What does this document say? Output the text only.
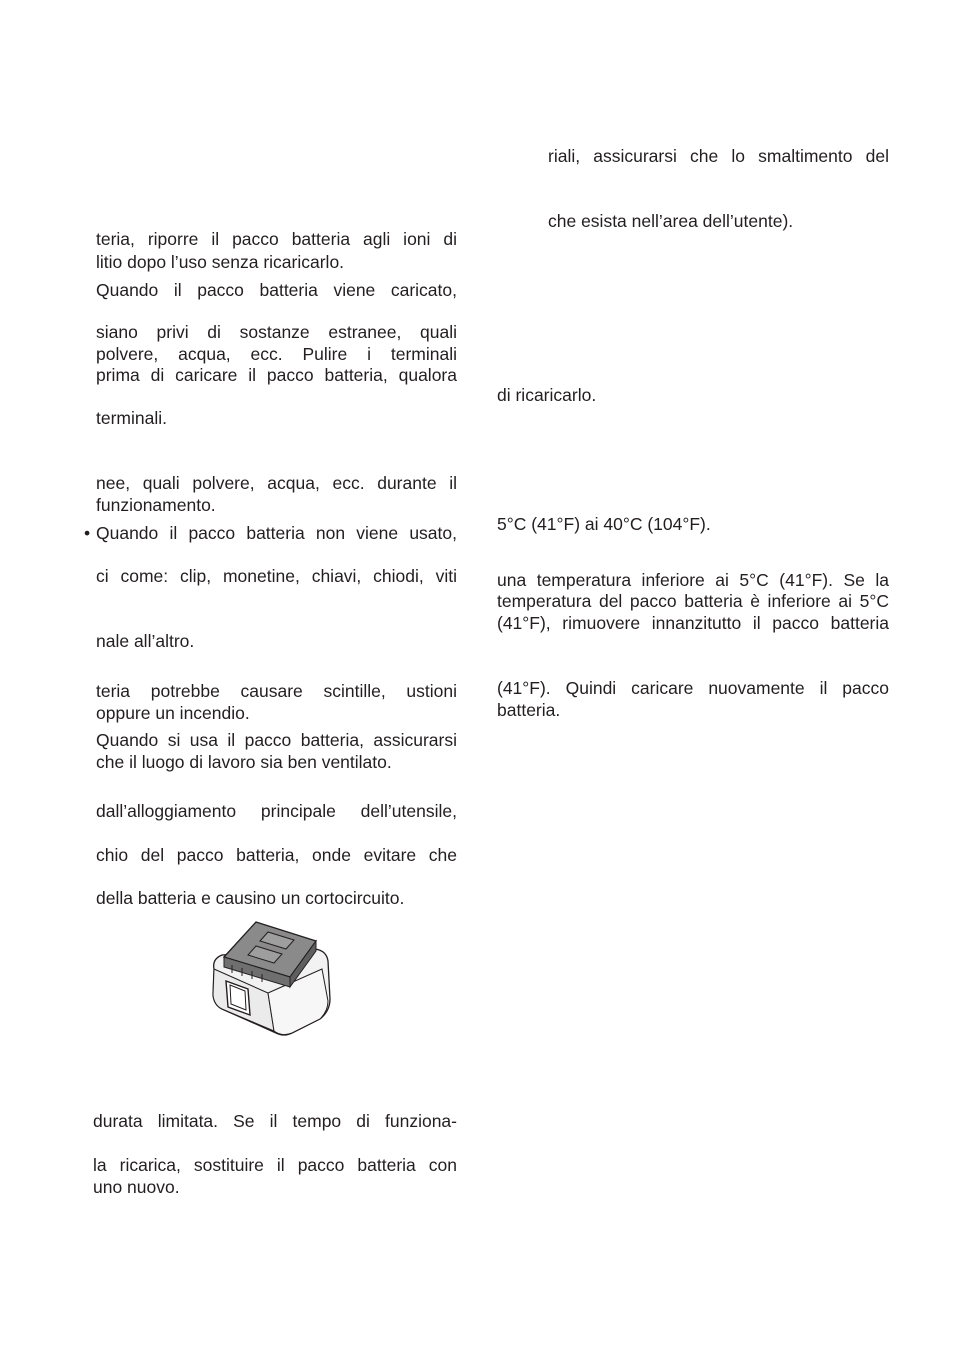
teria, riporre il pacco batteria agli ioni di
litio dopo l’uso senza ricaricarlo.
Quando il pacco batteria viene caricato,
siano privi di sostanze estranee, quali
polvere, acqua, ecc. Pulire i terminali
prima di caricare il pacco batteria, qualora
terminali.
nee, quali polvere, acqua, ecc. durante il
funzionamento.
• Quando il pacco batteria non viene usato,
ci come: clip, monetine, chiavi, chiodi, viti
nale all’altro.
teria potrebbe causare scintille, ustioni
oppure un incendio.
Quando si usa il pacco batteria, assicurarsi
che il luogo di lavoro sia ben ventilato.
dall’alloggiamento principale dell’utensile,
chio del pacco batteria, onde evitare che
della batteria e causino un cortocircuito.
durata limitata. Se il tempo di funziona-
la ricarica, sostituire il pacco batteria con
uno nuovo.
riali, assicurarsi che lo smaltimento del
che esista nell’area dell’utente).
di ricaricarlo.
5°C (41°F) ai 40°C (104°F).
una temperatura inferiore ai 5°C (41°F). Se la
temperatura del pacco batteria è inferiore ai 5°C
(41°F), rimuovere innanzitutto il pacco batteria
(41°F). Quindi caricare nuovamente il pacco
batteria.
